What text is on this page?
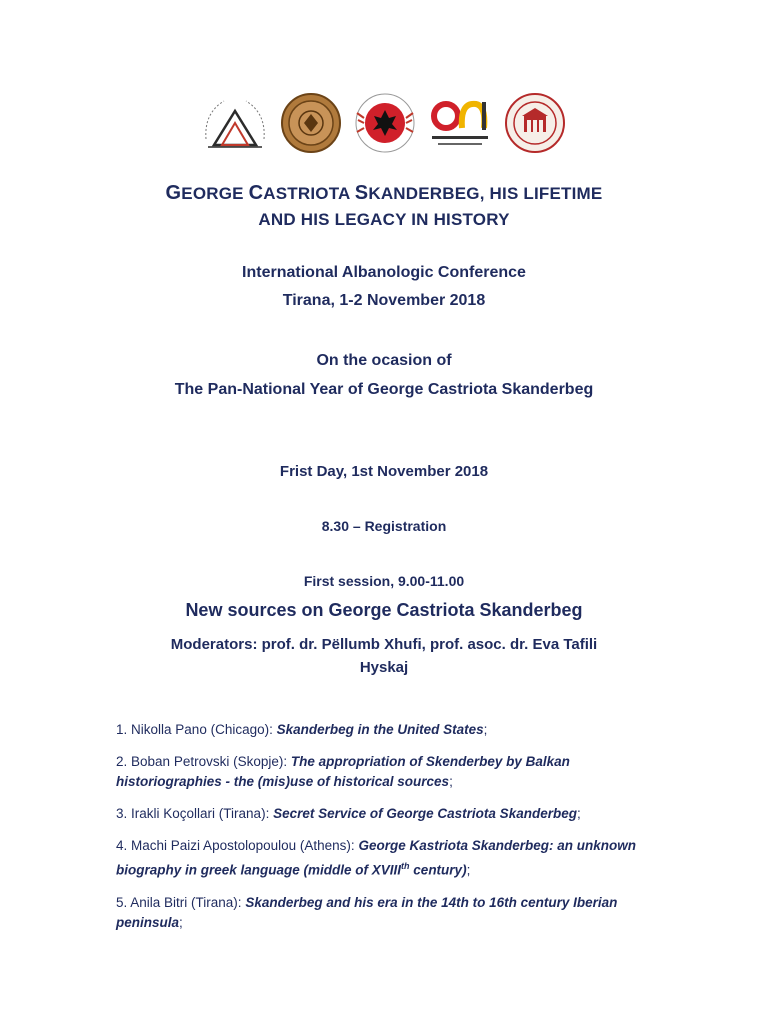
GEORGE CASTRIOTA SKANDERBEG, HIS LIFETIME
AND HIS LEGACY IN HISTORY
International Albanologic Conference
Tirana, 1-2 November 2018
On the ocasion of
The Pan-National Year of George Castriota Skanderbeg
Frist Day, 1st November 2018
8.30 – Registration
First session, 9.00-11.00
New sources on George Castriota Skanderbeg
Moderators: prof. dr. Pëllumb Xhufi, prof. asoc. dr. Eva Tafili
Hyskaj
1. Nikolla Pano (Chicago): Skanderbeg in the United States;
2. Boban Petrovski (Skopje): The appropriation of Skenderbey by Balkan historiographies - the (mis)use of historical sources;
3. Irakli Koçollari (Tirana): Secret Service of George Castriota Skanderbeg;
4. Machi Paizi Apostolopoulou (Athens): George Kastriota Skanderbeg: an unknown biography in greek language (middle of XVIIIth century);
5. Anila Bitri (Tirana): Skanderbeg and his era in the 14th to 16th century Iberian peninsula;
